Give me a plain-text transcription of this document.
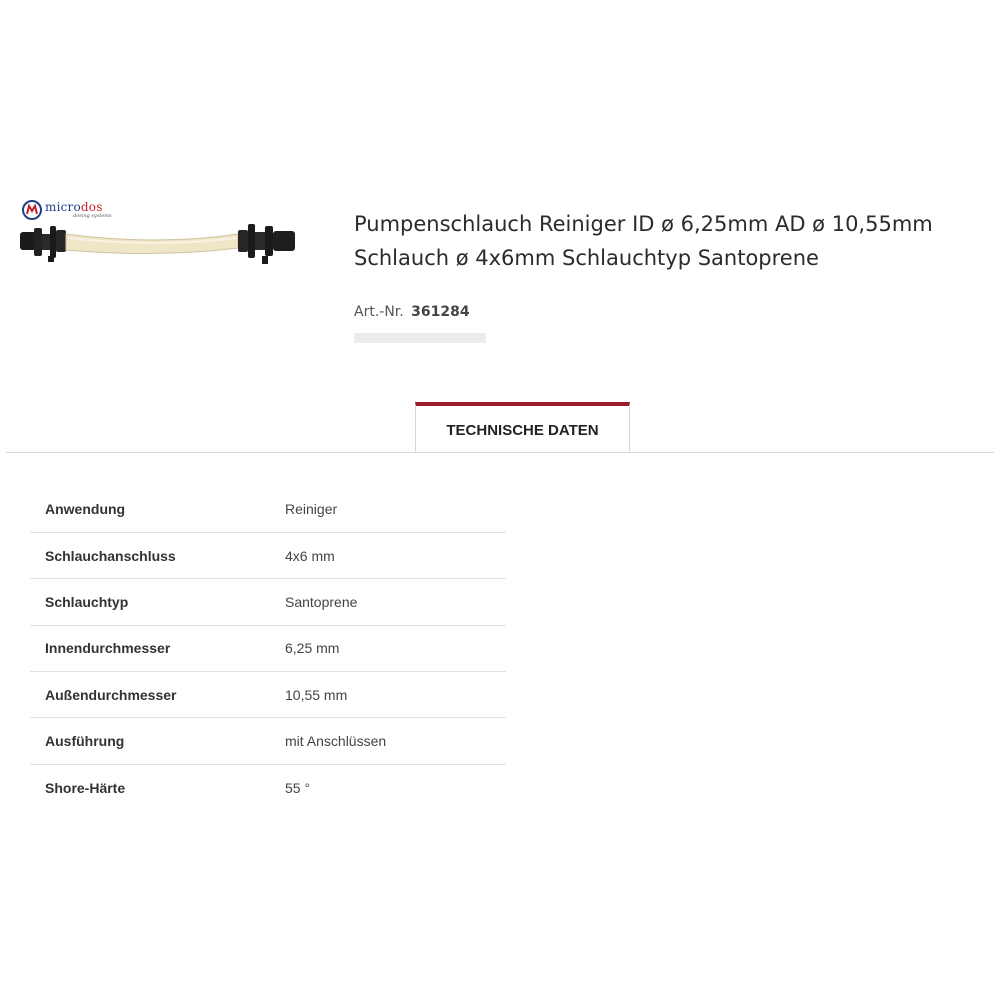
microdos
dosing systems	Pumpenschlauch Reiniger ID ø 6,25mm AD ø 10,55mm
Schlauch ø 4x6mm Schlauchtyp Santoprene
Art.-Nr. 361284
TECHNISCHE DATEN
Anwendung	Reiniger
Schlauchanschluss	4x6 mm
Schlauchtyp	Santoprene
Innendurchmesser	6,25 mm
Außendurchmesser	10,55 mm
Ausführung	mit Anschlüssen
Shore-Härte	55 °
